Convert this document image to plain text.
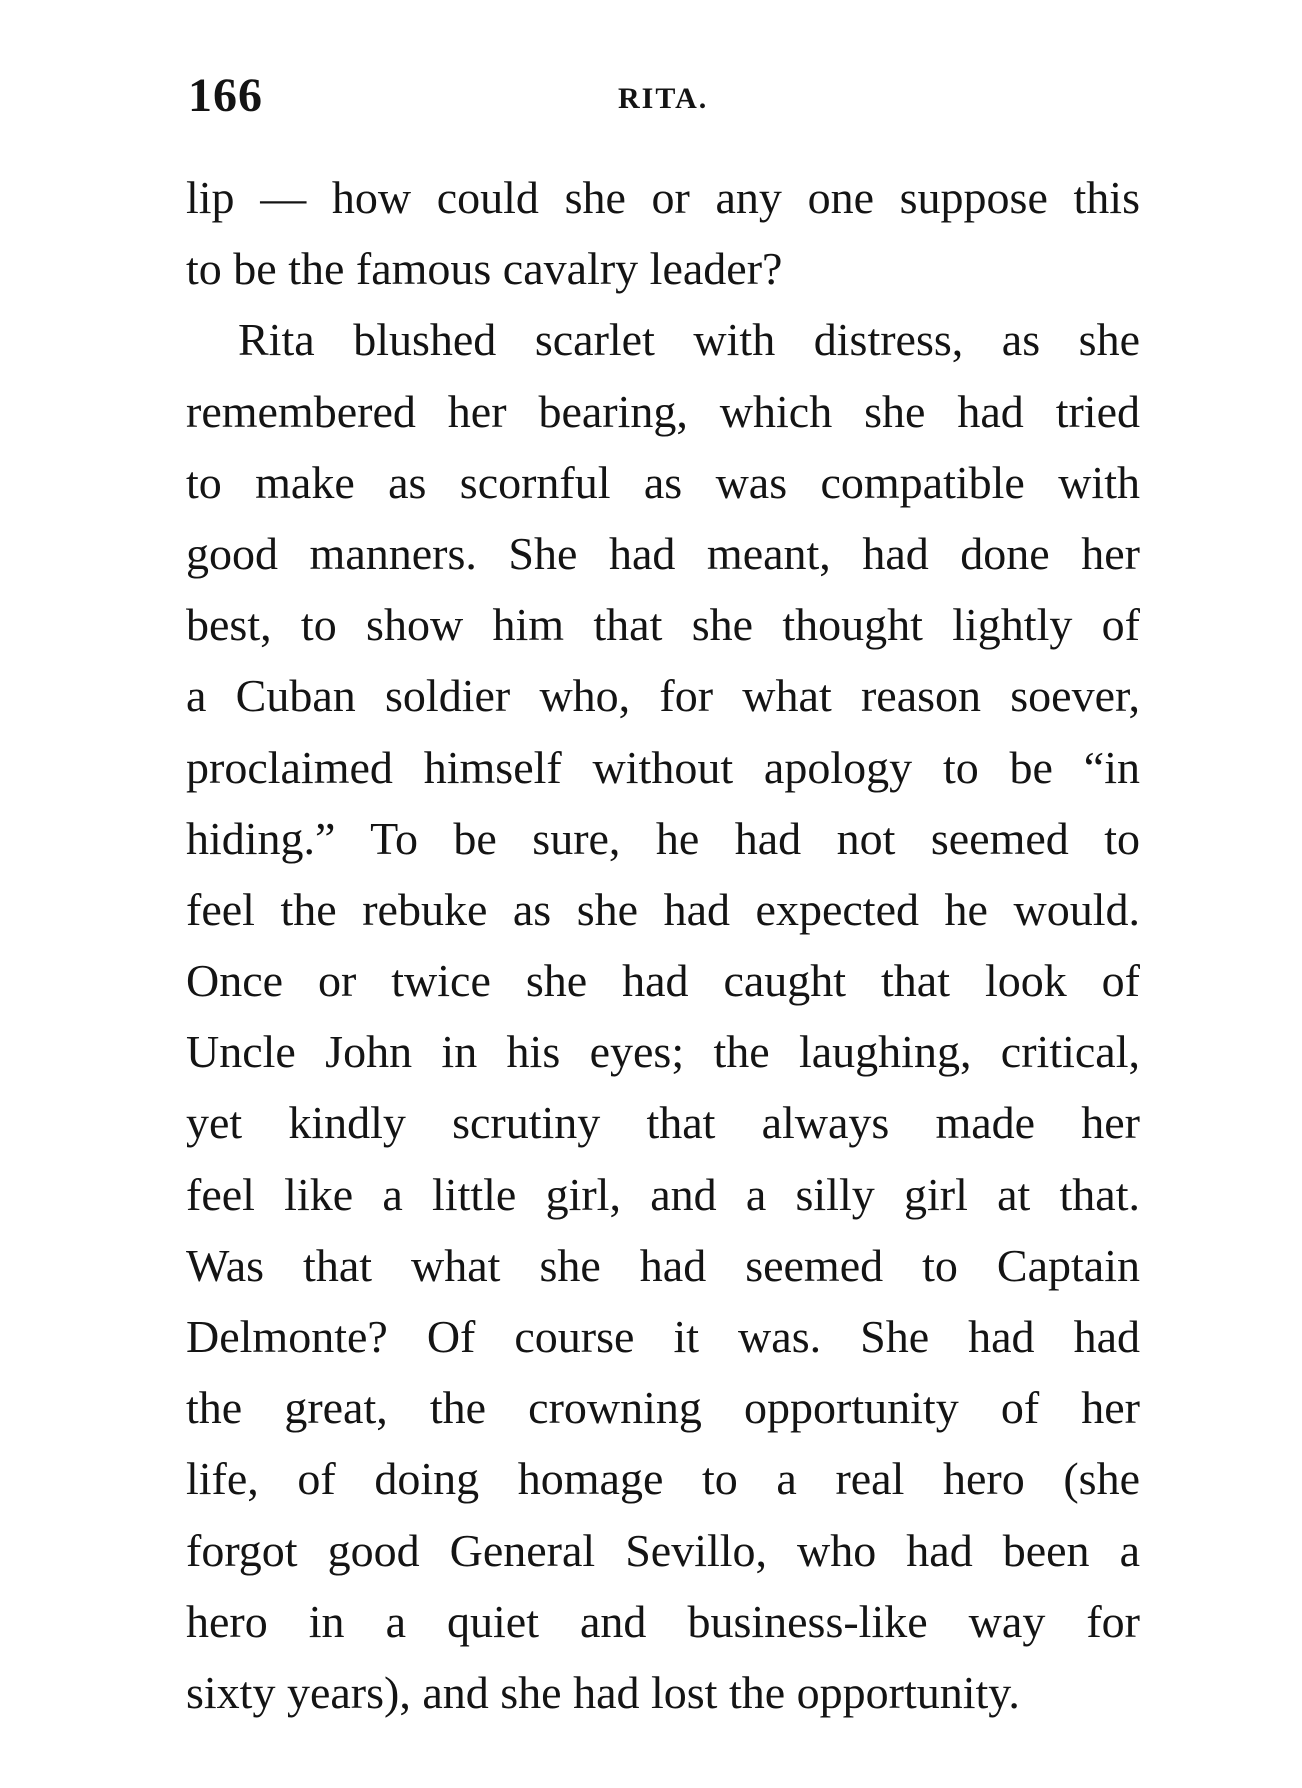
166	RITA.
lip — how could she or any one suppose this
to be the famous cavalry leader?
Rita blushed scarlet with distress, as she
remembered her bearing, which she had tried
to make as scornful as was compatible with
good manners. She had meant, had done her
best, to show him that she thought lightly of
a Cuban soldier who, for what reason soever,
proclaimed himself without apology to be “in
hiding.” To be sure, he had not seemed to
feel the rebuke as she had expected he would.
Once or twice she had caught that look of
Uncle John in his eyes; the laughing, critical,
yet kindly scrutiny that always made her
feel like a little girl, and a silly girl at that.
Was that what she had seemed to Captain
Delmonte? Of course it was. She had had
the great, the crowning opportunity of her
life, of doing homage to a real hero (she
forgot good General Sevillo, who had been a
hero in a quiet and business-like way for
sixty years), and she had lost the opportunity.
